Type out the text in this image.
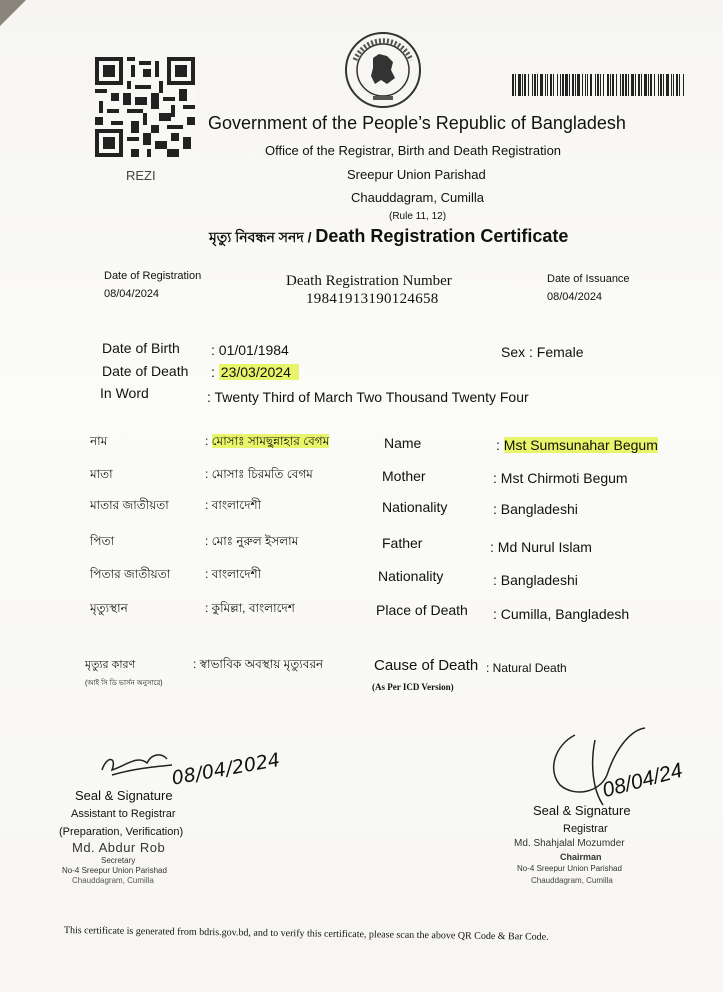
REZI
Government of the People’s Republic of Bangladesh
Office of the Registrar, Birth and Death Registration
Sreepur Union Parishad
Chauddagram, Cumilla
(Rule 11, 12)
মৃত্যু নিবন্ধন সনদ / Death Registration Certificate
Date of Registration
08/04/2024
Death Registration Number
19841913190124658
Date of Issuance
08/04/2024
Date of Birth : 01/01/1984	Sex : Female
Date of Death : 23/03/2024
In Word	: Twenty Third of March Two Thousand Twenty Four
নাম	: মোসাঃ সামছুন্নাহার বেগম	Name	: Mst Sumsunahar Begum
মাতা	: মোসাঃ চিরমতি বেগম	Mother	: Mst Chirmoti Begum
মাতার জাতীয়তা	: বাংলাদেশী	Nationality	: Bangladeshi
পিতা	: মোঃ নুরুল ইসলাম	Father	: Md Nurul Islam
পিতার জাতীয়তা	: বাংলাদেশী	Nationality	: Bangladeshi
মৃত্যুস্থান	: কুমিল্লা, বাংলাদেশ	Place of Death : Cumilla, Bangladesh
মৃত্যুর কারণ
(আই সি ডি ভার্সন অনুসারে)
: স্বাভাবিক অবস্থায় মৃত্যুবরন	Cause of Death
(As Per ICD Version)
: Natural Death
08/04/2024
Seal & Signature
Assistant to Registrar
(Preparation, Verification)
Md. Abdur Rob
Secretary
No-4 Sreepur Union Parishad
Chauddagram, Cumilla
08/04/24
Seal & Signature
Registrar
Md. Shahjalal Mozumder
Chairman
No-4 Sreepur Union Parishad
Chauddagram, Cumilla
This certificate is generated from bdris.gov.bd, and to verify this certificate, please scan the above QR Code & Bar Code.
